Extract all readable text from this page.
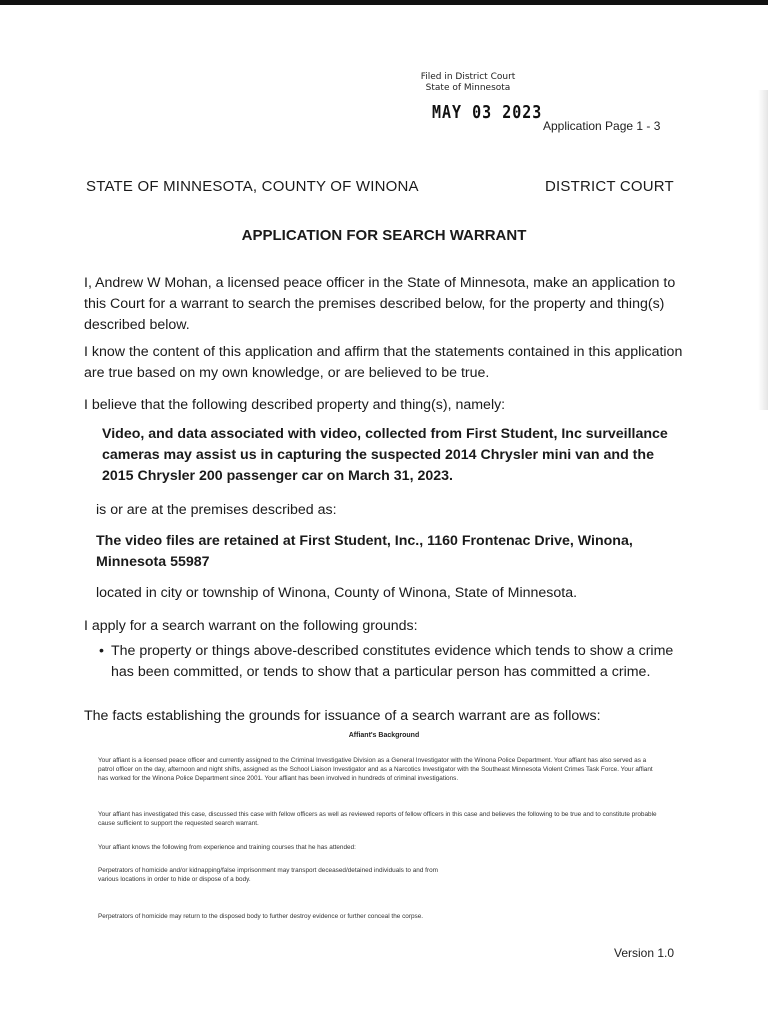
Filed in District Court
State of Minnesota
MAY 03 2023
Application Page 1 - 3
STATE OF MINNESOTA, COUNTY OF WINONA	DISTRICT COURT
APPLICATION FOR SEARCH WARRANT
I, Andrew W Mohan, a licensed peace officer in the State of Minnesota, make an application to this Court for a warrant to search the premises described below, for the property and thing(s) described below.
I know the content of this application and affirm that the statements contained in this application are true based on my own knowledge, or are believed to be true.
I believe that the following described property and thing(s), namely:
Video, and data associated with video, collected from First Student, Inc surveillance cameras may assist us in capturing the suspected 2014 Chrysler mini van and the 2015 Chrysler 200 passenger car on March 31, 2023.
is or are at the premises described as:
The video files are retained at First Student, Inc., 1160 Frontenac Drive, Winona, Minnesota 55987
located in city or township of Winona, County of Winona, State of Minnesota.
I apply for a search warrant on the following grounds:
• The property or things above-described constitutes evidence which tends to show a crime has been committed, or tends to show that a particular person has committed a crime.
The facts establishing the grounds for issuance of a search warrant are as follows:
Affiant's Background
Your affiant is a licensed peace officer and currently assigned to the Criminal Investigative Division as a General Investigator with the Winona Police Department. Your affiant has also served as a patrol officer on the day, afternoon and night shifts, assigned as the School Liaison Investigator and as a Narcotics Investigator with the Southeast Minnesota Violent Crimes Task Force. Your affiant has worked for the Winona Police Department since 2001. Your affiant has been involved in hundreds of criminal investigations.
Your affiant has investigated this case, discussed this case with fellow officers as well as reviewed reports of fellow officers in this case and believes the following to be true and to constitute probable cause sufficient to support the requested search warrant.
Your affiant knows the following from experience and training courses that he has attended:
Perpetrators of homicide and/or kidnapping/false imprisonment may transport deceased/detained individuals to and from various locations in order to hide or dispose of a body.
Perpetrators of homicide may return to the disposed body to further destroy evidence or further conceal the corpse.
Version 1.0
